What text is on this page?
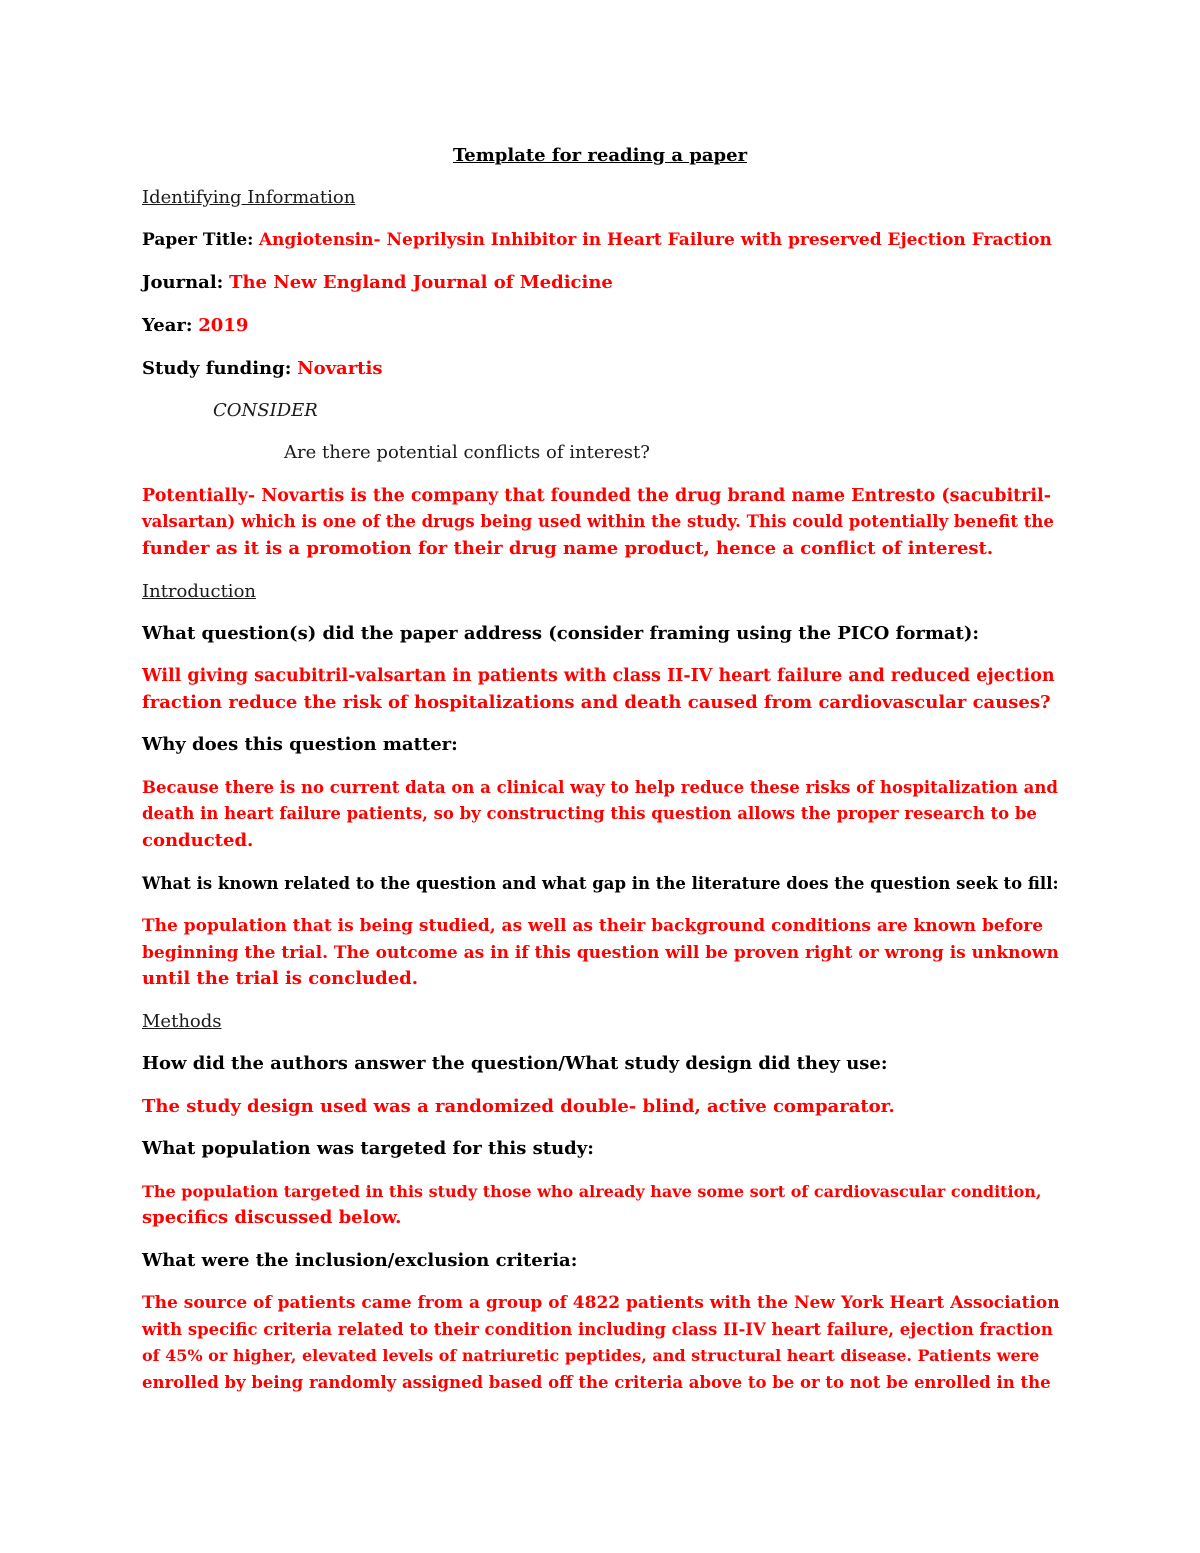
Template for reading a paper
Identifying Information
Paper Title: Angiotensin- Neprilysin Inhibitor in Heart Failure with preserved Ejection Fraction
Journal: The New England Journal of Medicine
Year: 2019
Study funding: Novartis
CONSIDER
Are there potential conflicts of interest?
Potentially- Novartis is the company that founded the drug brand name Entresto (sacubitril-
valsartan) which is one of the drugs being used within the study. This could potentially benefit the
funder as it is a promotion for their drug name product, hence a conflict of interest.
Introduction
What question(s) did the paper address (consider framing using the PICO format):
Will giving sacubitril-valsartan in patients with class II-IV heart failure and reduced ejection
fraction reduce the risk of hospitalizations and death caused from cardiovascular causes?
Why does this question matter:
Because there is no current data on a clinical way to help reduce these risks of hospitalization and
death in heart failure patients, so by constructing this question allows the proper research to be
conducted.
What is known related to the question and what gap in the literature does the question seek to fill:
The population that is being studied, as well as their background conditions are known before
beginning the trial. The outcome as in if this question will be proven right or wrong is unknown
until the trial is concluded.
Methods
How did the authors answer the question/What study design did they use:
The study design used was a randomized double- blind, active comparator.
What population was targeted for this study:
The population targeted in this study those who already have some sort of cardiovascular condition,
specifics discussed below.
What were the inclusion/exclusion criteria:
The source of patients came from a group of 4822 patients with the New York Heart Association
with specific criteria related to their condition including class II-IV heart failure, ejection fraction
of 45% or higher, elevated levels of natriuretic peptides, and structural heart disease. Patients were
enrolled by being randomly assigned based off the criteria above to be or to not be enrolled in the
